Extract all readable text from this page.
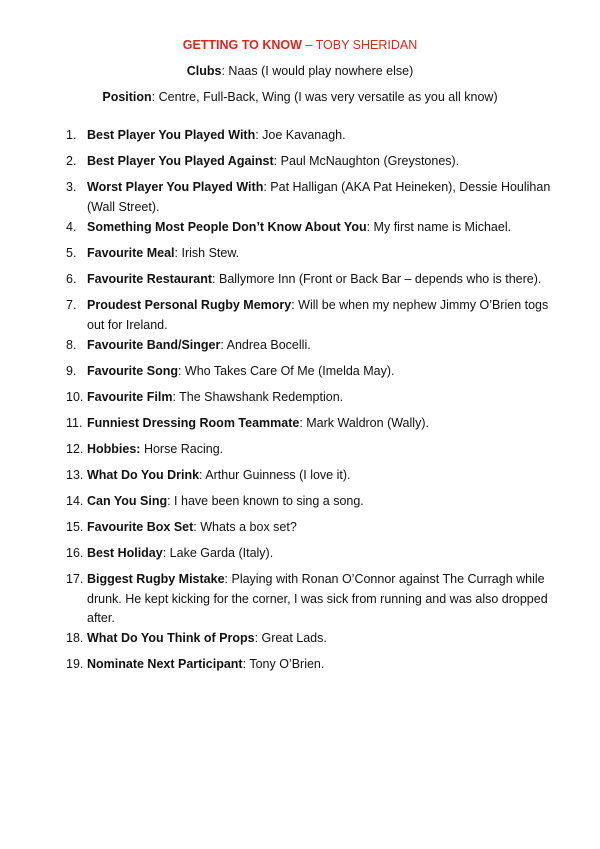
GETTING TO KNOW – TOBY SHERIDAN
Clubs: Naas (I would play nowhere else)
Position: Centre, Full-Back, Wing (I was very versatile as you all know)
1. Best Player You Played With: Joe Kavanagh.
2. Best Player You Played Against: Paul McNaughton (Greystones).
3. Worst Player You Played With: Pat Halligan (AKA Pat Heineken), Dessie Houlihan (Wall Street).
4. Something Most People Don’t Know About You: My first name is Michael.
5. Favourite Meal: Irish Stew.
6. Favourite Restaurant: Ballymore Inn (Front or Back Bar – depends who is there).
7. Proudest Personal Rugby Memory: Will be when my nephew Jimmy O’Brien togs out for Ireland.
8. Favourite Band/Singer: Andrea Bocelli.
9. Favourite Song: Who Takes Care Of Me (Imelda May).
10. Favourite Film: The Shawshank Redemption.
11. Funniest Dressing Room Teammate: Mark Waldron (Wally).
12. Hobbies: Horse Racing.
13. What Do You Drink: Arthur Guinness (I love it).
14. Can You Sing: I have been known to sing a song.
15. Favourite Box Set: Whats a box set?
16. Best Holiday: Lake Garda (Italy).
17. Biggest Rugby Mistake: Playing with Ronan O’Connor against The Curragh while drunk. He kept kicking for the corner, I was sick from running and was also dropped after.
18. What Do You Think of Props: Great Lads.
19. Nominate Next Participant: Tony O’Brien.
